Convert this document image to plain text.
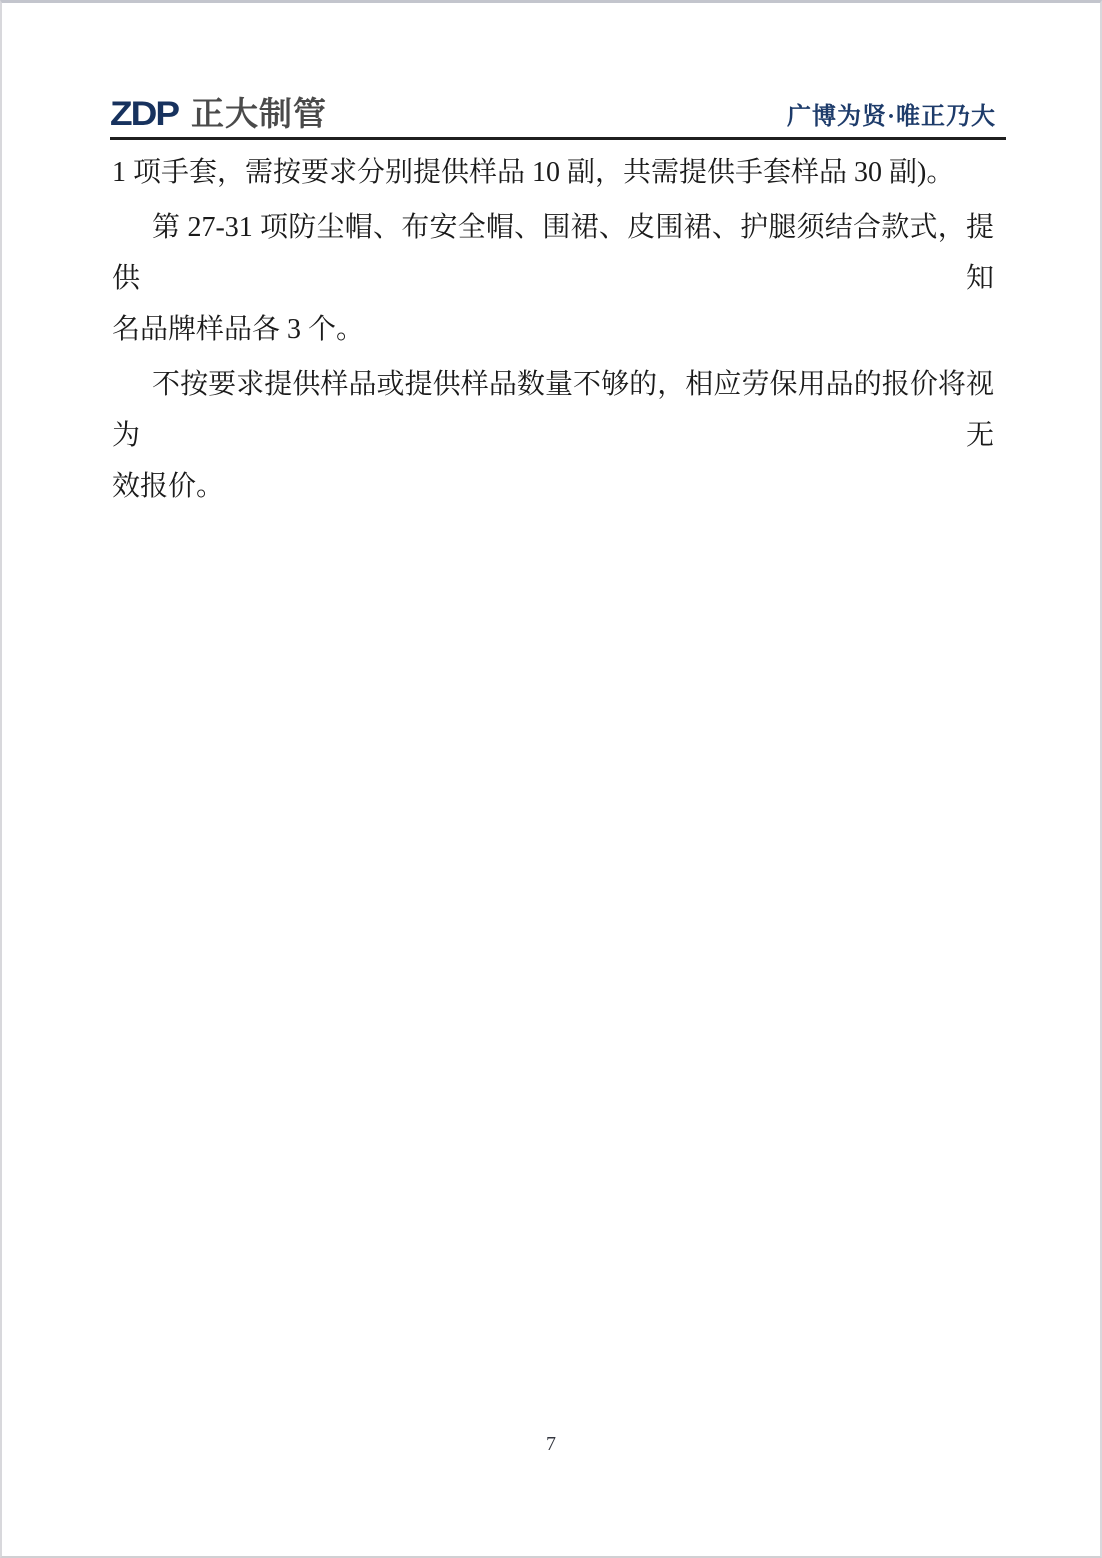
ZDP 正大制管	广博为贤·唯正乃大

1 项手套，需按要求分别提供样品 10 副，共需提供手套样品 30 副)。

第 27-31 项防尘帽、布安全帽、围裙、皮围裙、护腿须结合款式，提供知

名品牌样品各 3 个。

不按要求提供样品或提供样品数量不够的，相应劳保用品的报价将视为无

效报价。

7
